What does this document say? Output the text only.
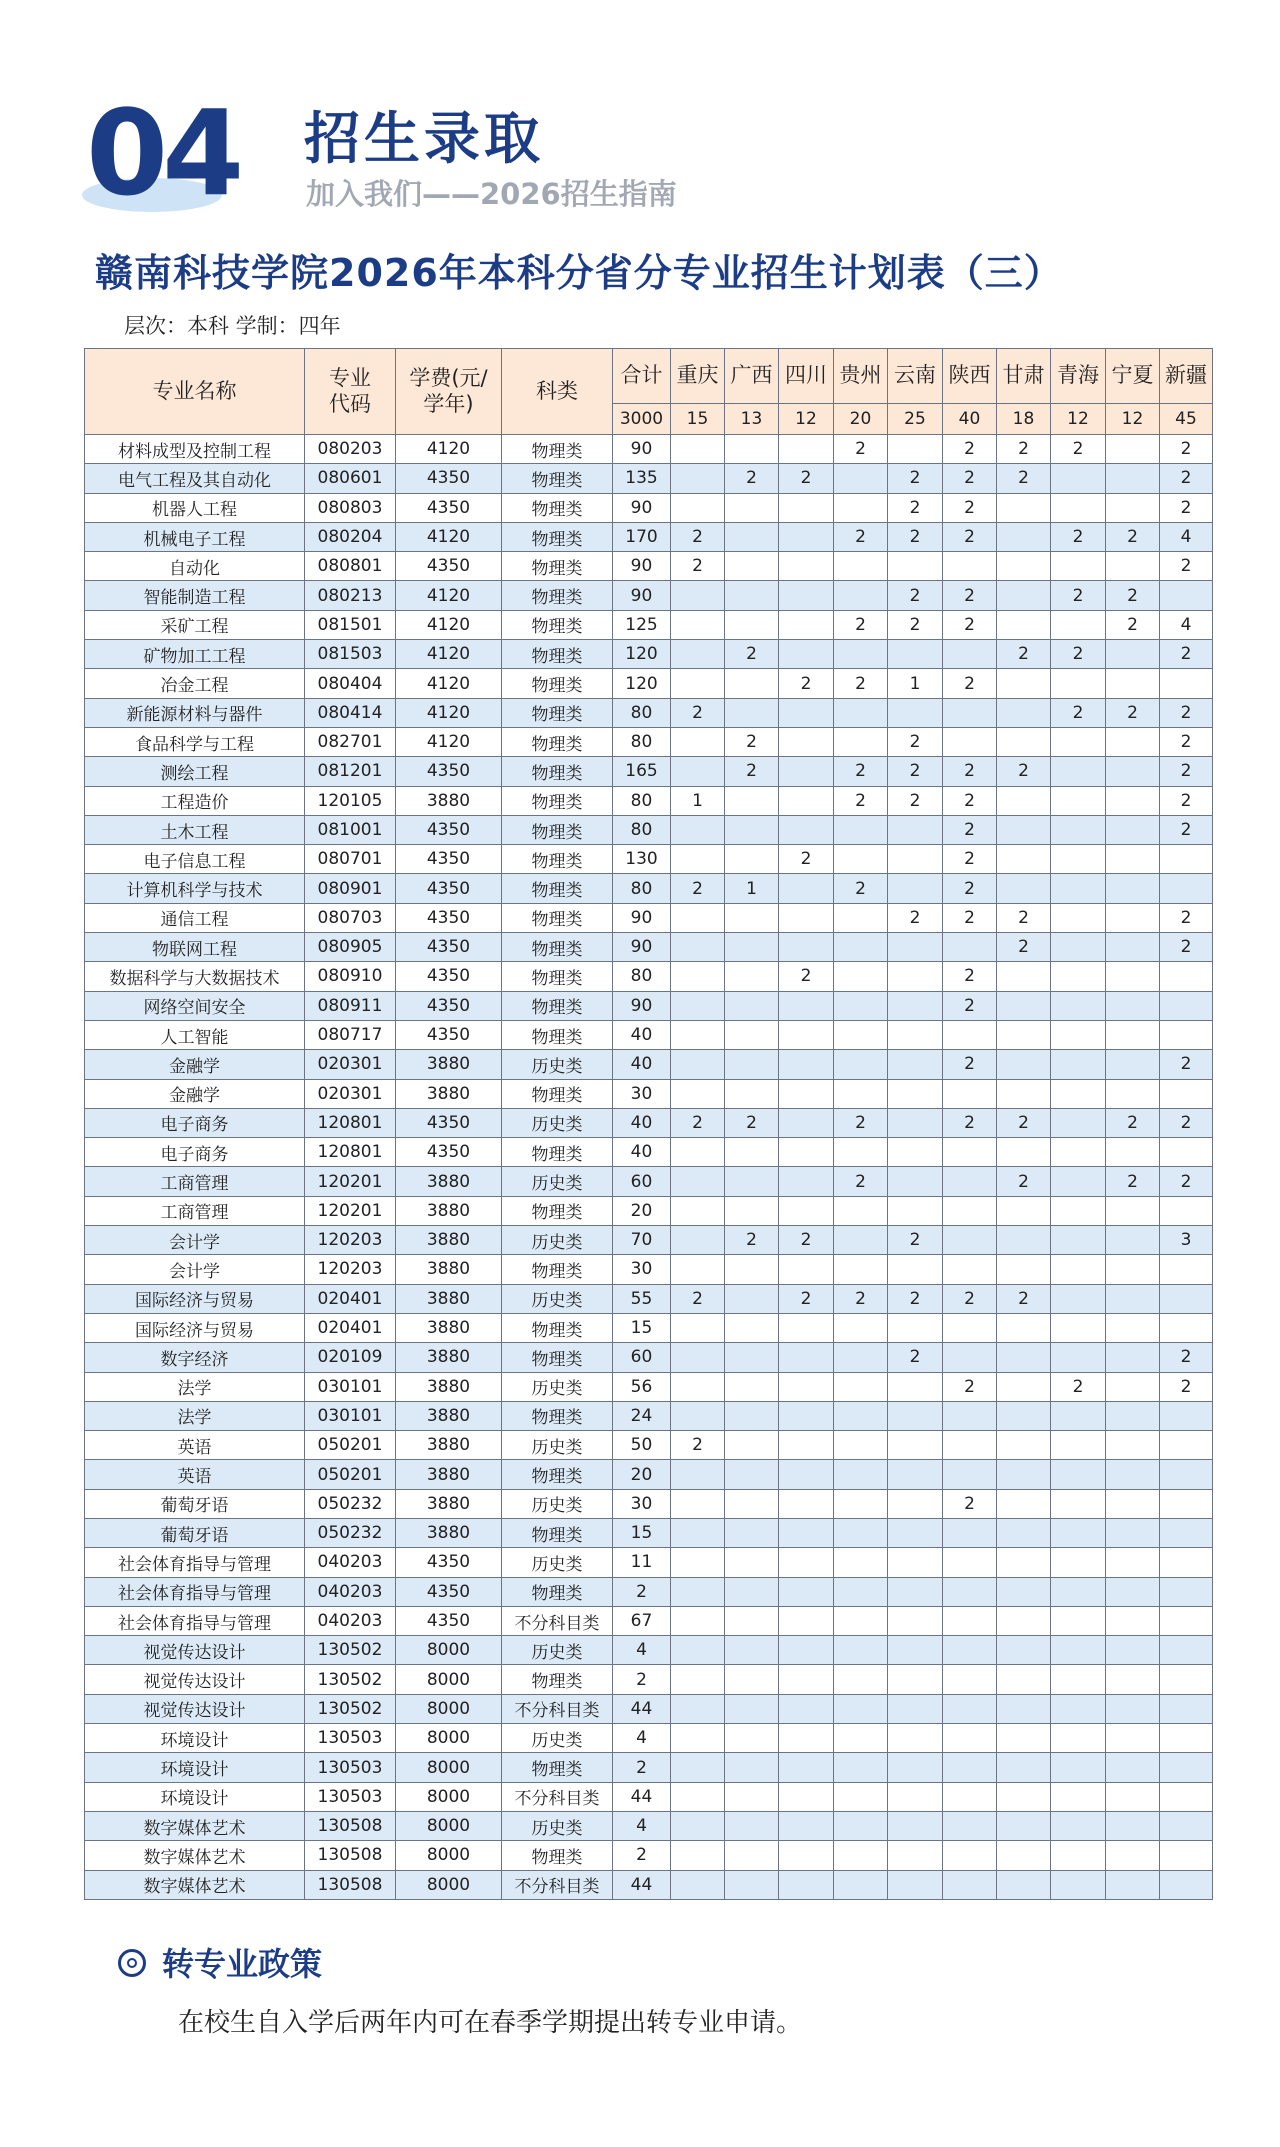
04 招生录取
加入我们——2026招生指南
赣南科技学院2026年本科分省分专业招生计划表（三）
层次：本科 学制：四年
专业名称	专业代码	学费(元/学年)	科类	合计	重庆	广西	四川	贵州	云南	陕西	甘肃	青海	宁夏	新疆
				3000	15	13	12	20	25	40	18	12	12	45
材料成型及控制工程	080203	4120	物理类	90				2		2	2	2		2
电气工程及其自动化	080601	4350	物理类	135		2	2		2	2	2			2
机器人工程	080803	4350	物理类	90					2	2				2
机械电子工程	080204	4120	物理类	170	2			2	2	2		2	2	4
自动化	080801	4350	物理类	90	2									2
智能制造工程	080213	4120	物理类	90					2	2		2	2	
采矿工程	081501	4120	物理类	125				2	2	2			2	4
矿物加工工程	081503	4120	物理类	120		2					2	2		2
冶金工程	080404	4120	物理类	120			2	2	1	2				
新能源材料与器件	080414	4120	物理类	80	2							2	2	2
食品科学与工程	082701	4120	物理类	80		2			2					2
测绘工程	081201	4350	物理类	165		2		2	2	2	2			2
工程造价	120105	3880	物理类	80	1			2	2	2				2
土木工程	081001	4350	物理类	80						2				2
电子信息工程	080701	4350	物理类	130			2			2				
计算机科学与技术	080901	4350	物理类	80	2	1		2		2				
通信工程	080703	4350	物理类	90					2	2	2			2
物联网工程	080905	4350	物理类	90							2			2
数据科学与大数据技术	080910	4350	物理类	80			2			2				
网络空间安全	080911	4350	物理类	90						2				
人工智能	080717	4350	物理类	40										
金融学	020301	3880	历史类	40						2				2
金融学	020301	3880	物理类	30										
电子商务	120801	4350	历史类	40	2	2		2		2	2		2	2
电子商务	120801	4350	物理类	40										
工商管理	120201	3880	历史类	60				2			2		2	2
工商管理	120201	3880	物理类	20										
会计学	120203	3880	历史类	70		2	2		2					3
会计学	120203	3880	物理类	30										
国际经济与贸易	020401	3880	历史类	55	2		2	2	2	2	2			
国际经济与贸易	020401	3880	物理类	15										
数字经济	020109	3880	物理类	60					2					2
法学	030101	3880	历史类	56						2		2		2
法学	030101	3880	物理类	24										
英语	050201	3880	历史类	50	2									
英语	050201	3880	物理类	20										
葡萄牙语	050232	3880	历史类	30						2				
葡萄牙语	050232	3880	物理类	15										
社会体育指导与管理	040203	4350	历史类	11										
社会体育指导与管理	040203	4350	物理类	2										
社会体育指导与管理	040203	4350	不分科目类	67										
视觉传达设计	130502	8000	历史类	4										
视觉传达设计	130502	8000	物理类	2										
视觉传达设计	130502	8000	不分科目类	44										
环境设计	130503	8000	历史类	4										
环境设计	130503	8000	物理类	2										
环境设计	130503	8000	不分科目类	44										
数字媒体艺术	130508	8000	历史类	4										
数字媒体艺术	130508	8000	物理类	2										
数字媒体艺术	130508	8000	不分科目类	44										
转专业政策
在校生自入学后两年内可在春季学期提出转专业申请。
